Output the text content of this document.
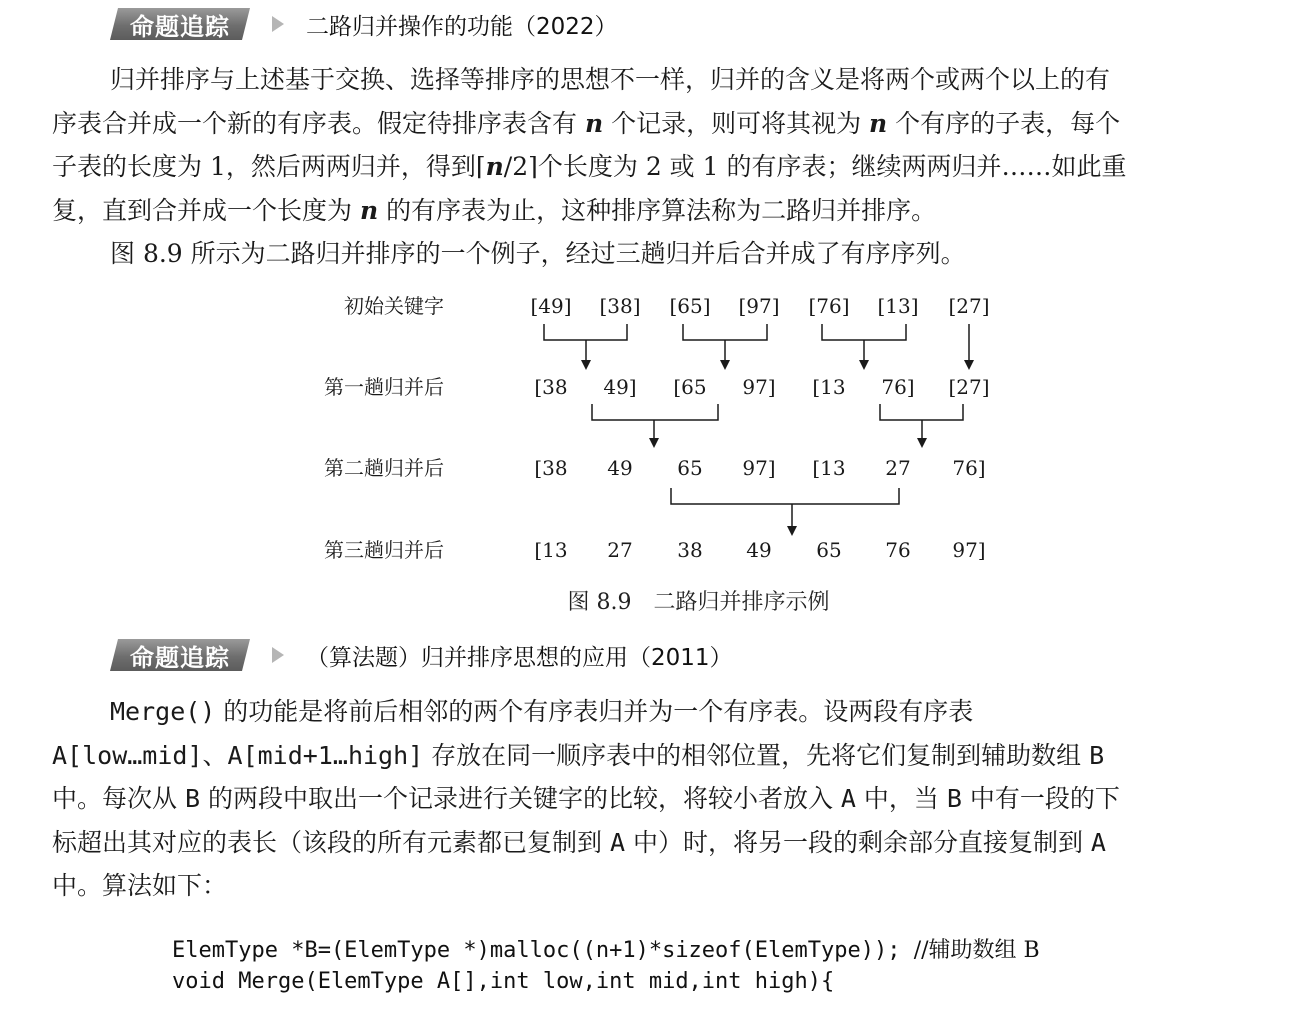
命题追踪	二路归并操作的功能（2022）
归并排序与上述基于交换、选择等排序的思想不一样，归并的含义是将两个或两个以上的有
序表合并成一个新的有序表。假定待排序表含有 n 个记录，则可将其视为 n 个有序的子表，每个
子表的长度为 1，然后两两归并，得到⌈n/2⌉个长度为 2 或 1 的有序表；继续两两归并……如此重
复，直到合并成一个长度为 n 的有序表为止，这种排序算法称为二路归并排序。
图 8.9 所示为二路归并排序的一个例子，经过三趟归并后合并成了有序序列。
初始关键字
第一趟归并后
第二趟归并后
第三趟归并后
[49] [38] [65] [97] [76] [13] [27]
[38 49] [65 97] [13 76] [27]
[38 49 65 97] [13 27 76]
[13 27 38 49 65 76 97]
图 8.9　二路归并排序示例
命题追踪	（算法题）归并排序思想的应用（2011）
Merge() 的功能是将前后相邻的两个有序表归并为一个有序表。设两段有序表
A[low…mid]、A[mid+1…high] 存放在同一顺序表中的相邻位置，先将它们复制到辅助数组 B
中。每次从 B 的两段中取出一个记录进行关键字的比较，将较小者放入 A 中，当 B 中有一段的下
标超出其对应的表长（该段的所有元素都已复制到 A 中）时，将另一段的剩余部分直接复制到 A
中。算法如下：

ElemType *B=(ElemType *)malloc((n+1)*sizeof(ElemType)); //辅助数组 B
void Merge(ElemType A[],int low,int mid,int high){
